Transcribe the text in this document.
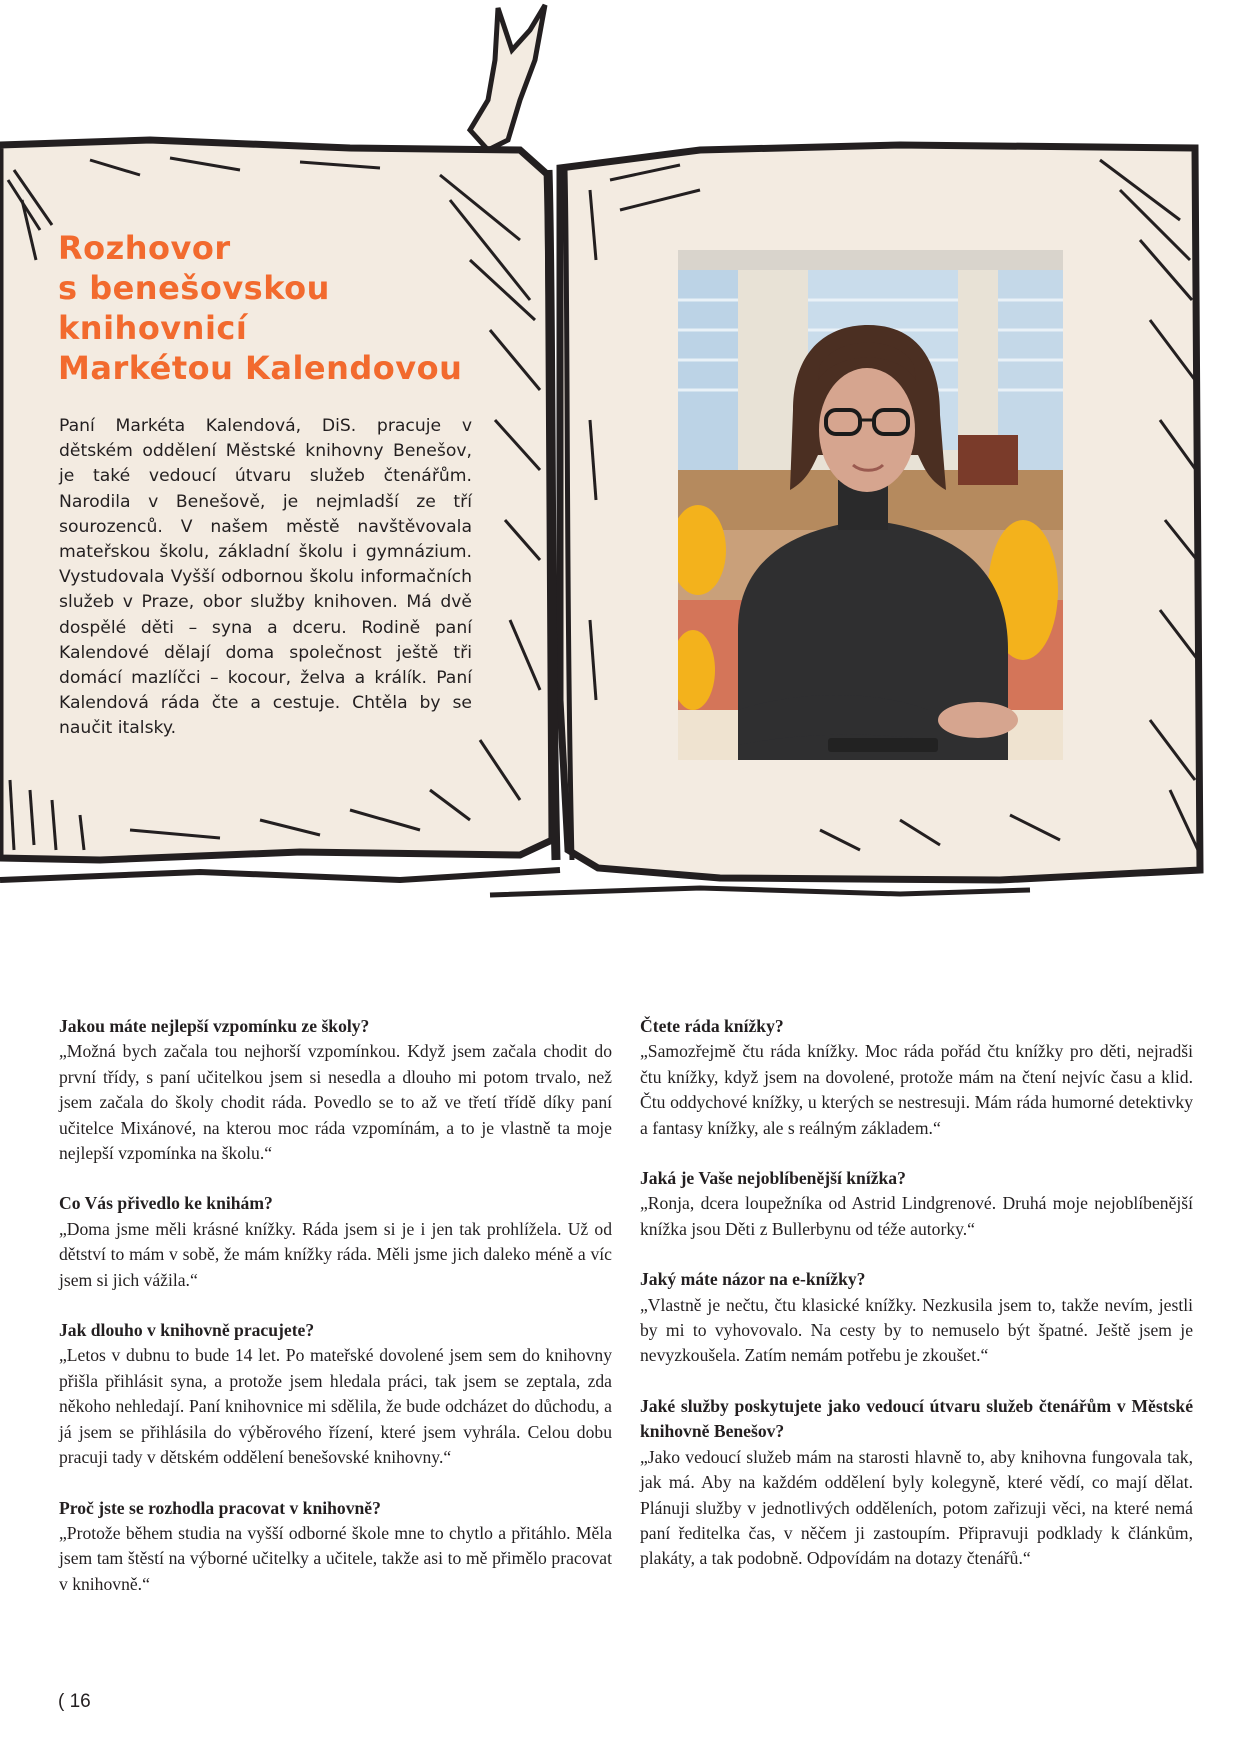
Rozhovor
s benešovskou
knihovnicí
Markétou Kalendovou

Paní Markéta Kalendová, DiS. pracuje v dětském oddělení Městské knihovny Benešov, je také vedoucí útvaru služeb čtenářům. Narodila v Benešově, je nejmladší ze tří sourozenců. V našem městě navštěvovala mateřskou školu, základní školu i gymnázium. Vystudovala Vyšší odbornou školu informačních služeb v Praze, obor služby knihoven. Má dvě dospělé děti – syna a dceru. Rodině paní Kalendové dělají doma společnost ještě tři domácí mazlíčci – kocour, želva a králík. Paní Kalendová ráda čte a cestuje. Chtěla by se naučit italsky.

Jakou máte nejlepší vzpomínku ze školy?
„Možná bych začala tou nejhorší vzpomínkou. Když jsem začala chodit do první třídy, s paní učitelkou jsem si nesedla a dlouho mi potom trvalo, než jsem začala do školy chodit ráda. Povedlo se to až ve třetí třídě díky paní učitelce Mixánové, na kterou moc ráda vzpomínám, a to je vlastně ta moje nejlepší vzpomínka na školu.“
Co Vás přivedlo ke knihám?
„Doma jsme měli krásné knížky. Ráda jsem si je i jen tak prohlížela. Už od dětství to mám v sobě, že mám knížky ráda. Měli jsme jich daleko méně a víc jsem si jich vážila.“
Jak dlouho v knihovně pracujete?
„Letos v dubnu to bude 14 let. Po mateřské dovolené jsem sem do knihovny přišla přihlásit syna, a protože jsem hledala práci, tak jsem se zeptala, zda někoho nehledají. Paní knihovnice mi sdělila, že bude odcházet do důchodu, a já jsem se přihlásila do výběrového řízení, které jsem vyhrála. Celou dobu pracuji tady v dětském oddělení benešovské knihovny.“
Proč jste se rozhodla pracovat v knihovně?
„Protože během studia na vyšší odborné škole mne to chytlo a přitáhlo. Měla jsem tam štěstí na výborné učitelky a učitele, takže asi to mě přimělo pracovat v knihovně.“
Čtete ráda knížky?
„Samozřejmě čtu ráda knížky. Moc ráda pořád čtu knížky pro děti, nejradši čtu knížky, když jsem na dovolené, protože mám na čtení nejvíc času a klid. Čtu oddychové knížky, u kterých se nestresuji. Mám ráda humorné detektivky a fantasy knížky, ale s reálným základem.“
Jaká je Vaše nejoblíbenější knížka?
„Ronja, dcera loupežníka od Astrid Lindgrenové. Druhá moje nejoblíbenější knížka jsou Děti z Bullerbynu od téže autorky.“
Jaký máte názor na e-knížky?
„Vlastně je nečtu, čtu klasické knížky. Nezkusila jsem to, takže nevím, jestli by mi to vyhovovalo. Na cesty by to nemuselo být špatné. Ještě jsem je nevyzkoušela. Zatím nemám potřebu je zkoušet.“
Jaké služby poskytujete jako vedoucí útvaru služeb čtenářům v Městské knihovně Benešov?
„Jako vedoucí služeb mám na starosti hlavně to, aby knihovna fungovala tak, jak má. Aby na každém oddělení byly kolegyně, které vědí, co mají dělat. Plánuji služby v jednotlivých odděleních, potom zařizuji věci, na které nemá paní ředitelka čas, v něčem ji zastoupím. Připravuji podklady k článkům, plakáty, a tak podobně. Odpovídám na dotazy čtenářů.“
( 16
